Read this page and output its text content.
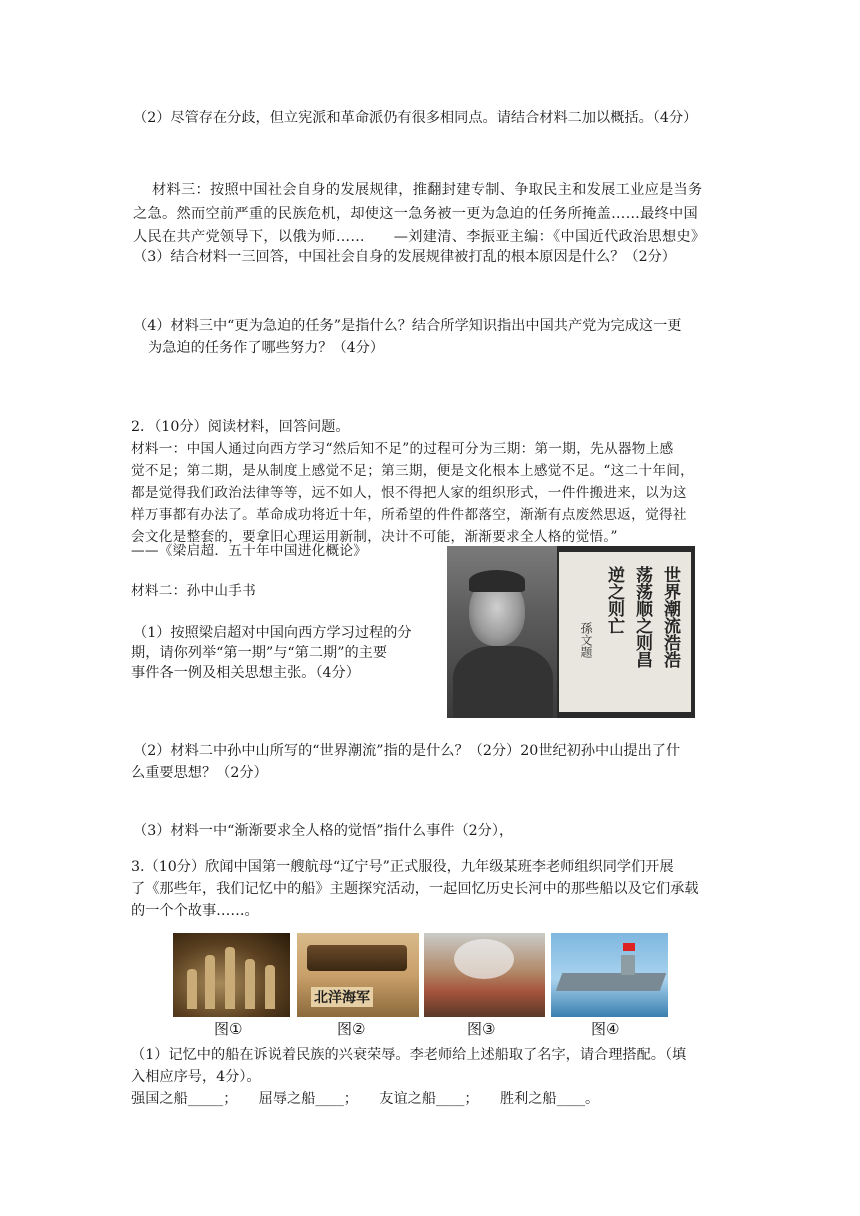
（2）尽管存在分歧，但立宪派和革命派仍有很多相同点。请结合材料二加以概括。（4分）
材料三：按照中国社会自身的发展规律，推翻封建专制、争取民主和发展工业应是当务
之急。然而空前严重的民族危机，却使这一急务被一更为急迫的任务所掩盖……最终中国
人民在共产党领导下，以俄为师……　　—刘建清、李振亚主编：《中国近代政治思想史》
（3）结合材料一三回答，中国社会自身的发展规律被打乱的根本原因是什么？（2分）
（4）材料三中“更为急迫的任务”是指什么？结合所学知识指出中国共产党为完成这一更
为急迫的任务作了哪些努力？（4分）
2．（10分）阅读材料，回答问题。
材料一：中国人通过向西方学习“然后知不足”的过程可分为三期：第一期，先从器物上感
觉不足；第二期，是从制度上感觉不足；第三期，便是文化根本上感觉不足。“这二十年间，
都是觉得我们政治法律等等，远不如人，恨不得把人家的组织形式，一件件搬进来，以为这
样万事都有办法了。革命成功将近十年，所希望的件件都落空，渐渐有点废然思返，觉得社
会文化是整套的，要拿旧心理运用新制，决计不可能，渐渐要求全人格的觉悟。”
——《梁启超．五十年中国进化概论》
材料二：孙中山手书	世界潮流浩浩
荡荡顺之则昌
逆之则亡
孫文题
（1）按照梁启超对中国向西方学习过程的分
期，请你列举“第一期”与“第二期”的主要
事件各一例及相关思想主张。（4分）
（2）材料二中孙中山所写的“世界潮流”指的是什么？（2分）20世纪初孙中山提出了什
么重要思想？（2分）
（3）材料一中“渐渐要求全人格的觉悟”指什么事件（2分），
3.（10分）欣闻中国第一艘航母“辽宁号”正式服役，九年级某班李老师组织同学们开展
了《那些年，我们记忆中的船》主题探究活动，一起回忆历史长河中的那些船以及它们承载
的一个个故事……。
北洋海军
图①	图②	图③	图④
（1）记忆中的船在诉说着民族的兴衰荣辱。李老师给上述船取了名字，请合理搭配。（填
入相应序号，4分）。
强国之船_____；　　屈辱之船____；　　友谊之船____；　　胜利之船____。
